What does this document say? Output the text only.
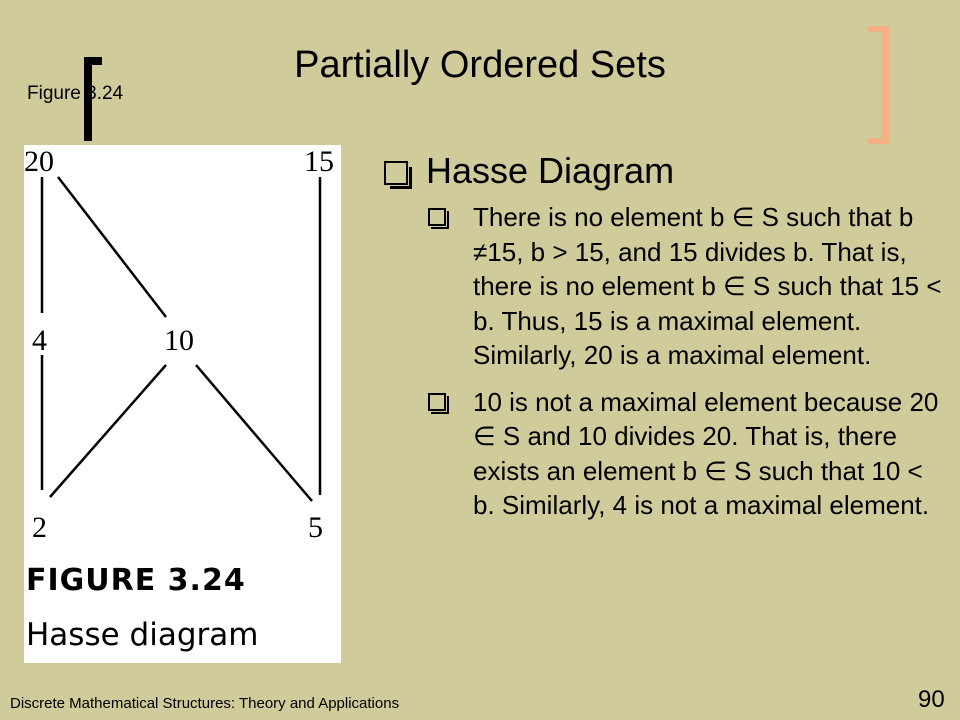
Partially Ordered Sets
Figure 3.24
20	15
4	10
2	5
FIGURE 3.24
Hasse diagram
Hasse Diagram
There is no element b ∈ S such that b ≠15, b > 15, and 15 divides b. That is, there is no element b ∈ S such that 15 < b. Thus, 15 is a maximal element. Similarly, 20 is a maximal element.
10 is not a maximal element because 20 ∈ S and 10 divides 20. That is, there exists an element b ∈ S such that 10 < b. Similarly, 4 is not a maximal element.
Discrete Mathematical Structures: Theory and Applications	90
